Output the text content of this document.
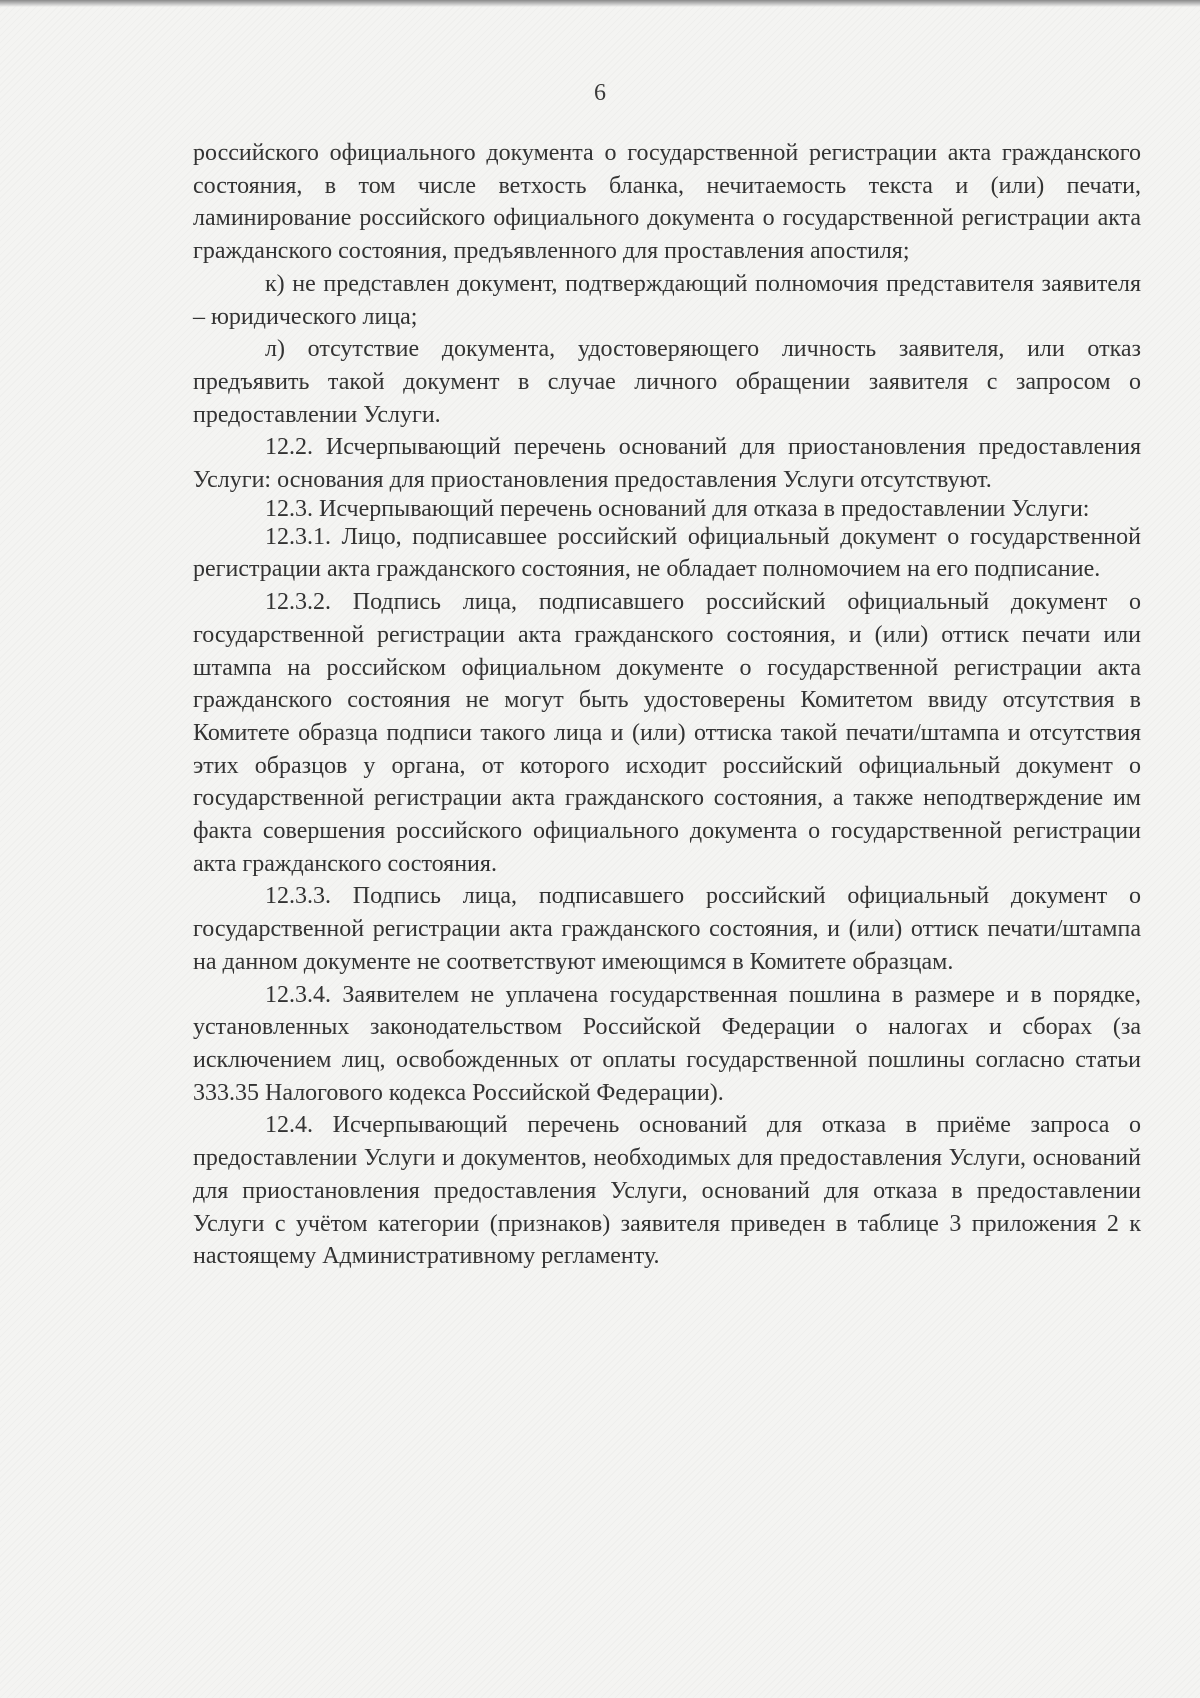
6

российского официального документа о государственной регистрации акта гражданского состояния, в том числе ветхость бланка, нечитаемость текста и (или) печати, ламинирование российского официального документа о государственной регистрации акта гражданского состояния, предъявленного для проставления апостиля;

к) не представлен документ, подтверждающий полномочия представителя заявителя – юридического лица;

л) отсутствие документа, удостоверяющего личность заявителя, или отказ предъявить такой документ в случае личного обращении заявителя с запросом о предоставлении Услуги.

12.2. Исчерпывающий перечень оснований для приостановления предоставления Услуги: основания для приостановления предоставления Услуги отсутствуют.

12.3. Исчерпывающий перечень оснований для отказа в предоставлении Услуги:

12.3.1. Лицо, подписавшее российский официальный документ о государственной регистрации акта гражданского состояния, не обладает полномочием на его подписание.

12.3.2. Подпись лица, подписавшего российский официальный документ о государственной регистрации акта гражданского состояния, и (или) оттиск печати или штампа на российском официальном документе о государственной регистрации акта гражданского состояния не могут быть удостоверены Комитетом ввиду отсутствия в Комитете образца подписи такого лица и (или) оттиска такой печати/штампа и отсутствия этих образцов у органа, от которого исходит российский официальный документ о государственной регистрации акта гражданского состояния, а также неподтверждение им факта совершения российского официального документа о государственной регистрации акта гражданского состояния.

12.3.3. Подпись лица, подписавшего российский официальный документ о государственной регистрации акта гражданского состояния, и (или) оттиск печати/штампа на данном документе не соответствуют имеющимся в Комитете образцам.

12.3.4. Заявителем не уплачена государственная пошлина в размере и в порядке, установленных законодательством Российской Федерации о налогах и сборах (за исключением лиц, освобожденных от оплаты государственной пошлины согласно статьи 333.35 Налогового кодекса Российской Федерации).

12.4. Исчерпывающий перечень оснований для отказа в приёме запроса о предоставлении Услуги и документов, необходимых для предоставления Услуги, оснований для приостановления предоставления Услуги, оснований для отказа в предоставлении Услуги с учётом категории (признаков) заявителя приведен в таблице 3 приложения 2 к настоящему Административному регламенту.
